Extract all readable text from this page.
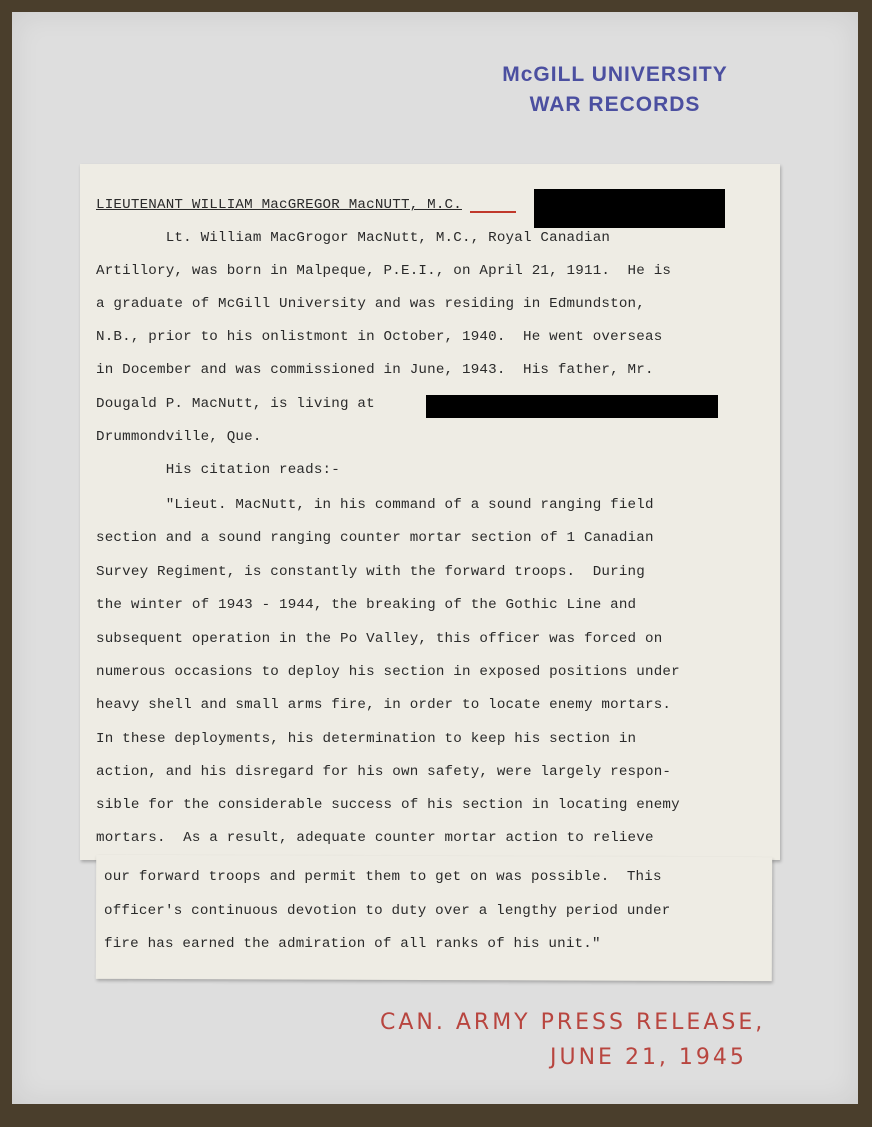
McGILL UNIVERSITY
WAR RECORDS
LIEUTENANT WILLIAM MacGREGOR MacNUTT, M.C.
Lt. William MacGrogor MacNutt, M.C., Royal Canadian
Artillory, was born in Malpeque, P.E.I., on April 21, 1911.  He is
a graduate of McGill University and was residing in Edmundston,
N.B., prior to his onlistmont in October, 1940.  He went overseas
in Docember and was commissioned in June, 1943.  His father, Mr.
Dougald P. MacNutt, is living at
Drummondville, Que.
His citation reads:-
"Lieut. MacNutt, in his command of a sound ranging field
section and a sound ranging counter mortar section of 1 Canadian
Survey Regiment, is constantly with the forward troops.  During
the winter of 1943 - 1944, the breaking of the Gothic Line and
subsequent operation in the Po Valley, this officer was forced on
numerous occasions to deploy his section in exposed positions under
heavy shell and small arms fire, in order to locate enemy mortars.
In these deployments, his determination to keep his section in
action, and his disregard for his own safety, were largely respon-
sible for the considerable success of his section in locating enemy
mortars.  As a result, adequate counter mortar action to relieve
our forward troops and permit them to get on was possible.  This
officer's continuous devotion to duty over a lengthy period under
fire has earned the admiration of all ranks of his unit."
CAN. ARMY PRESS RELEASE,
JUNE 21, 1945
